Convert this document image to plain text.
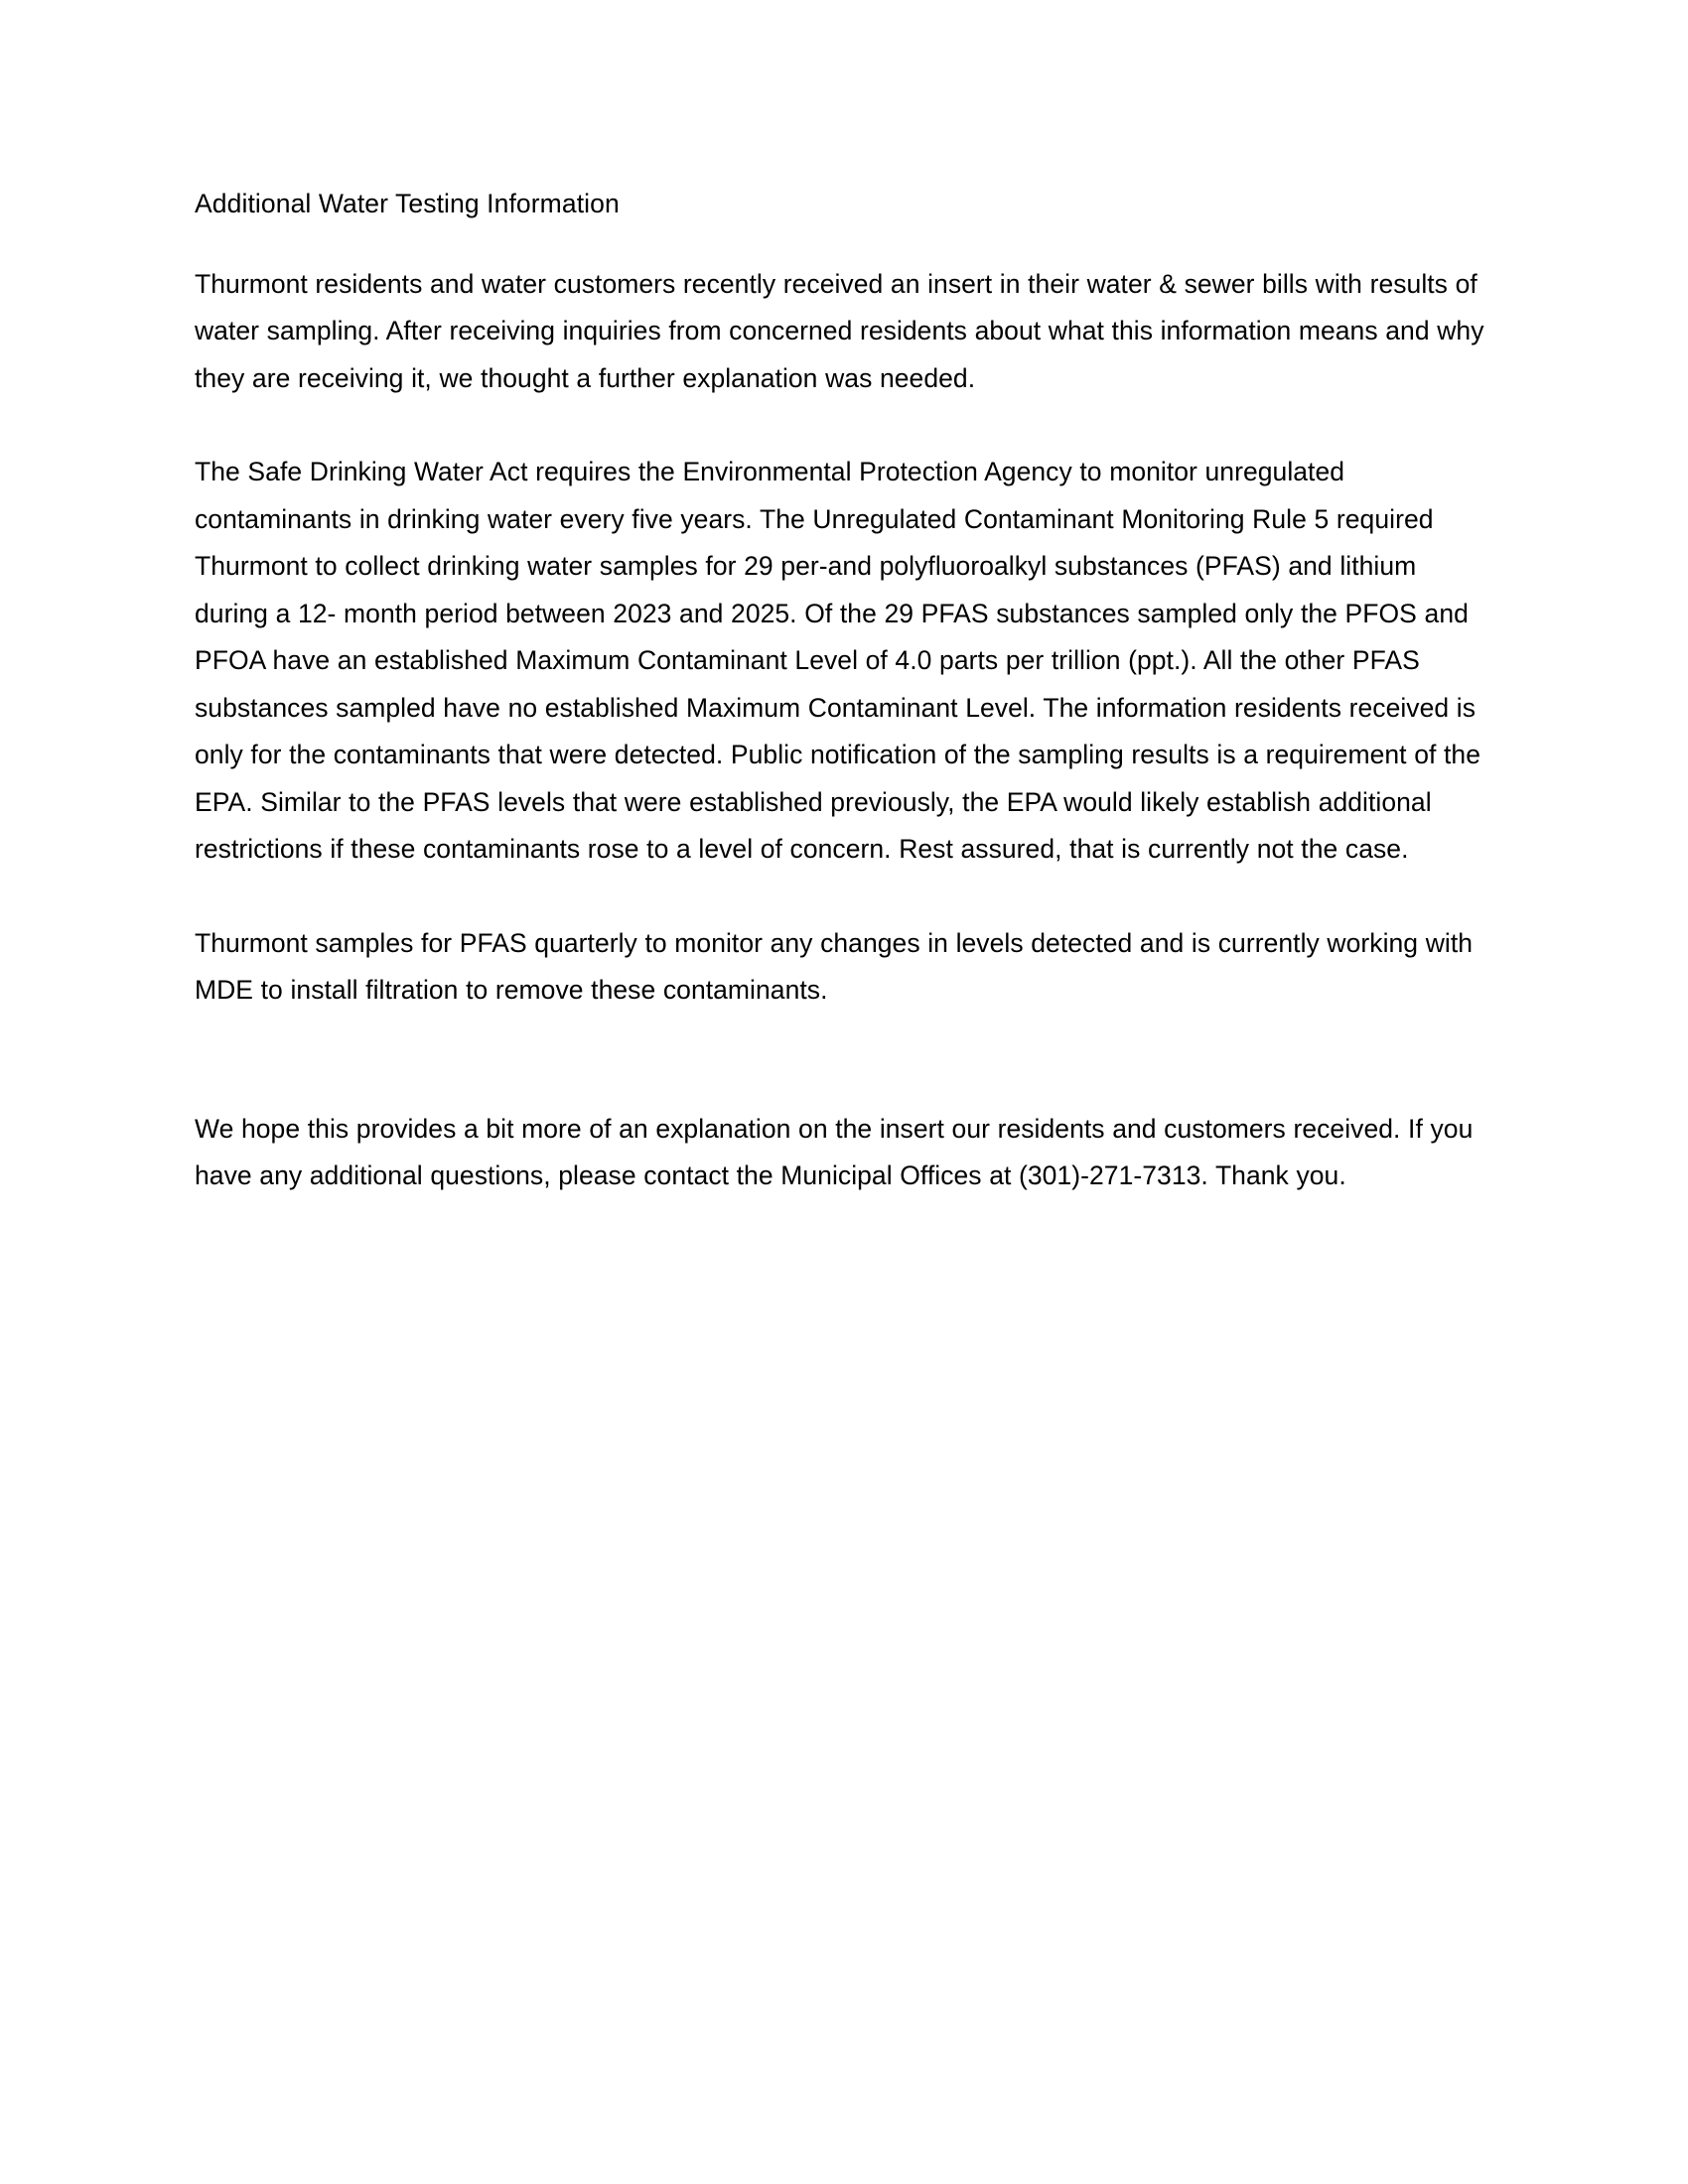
Additional Water Testing Information

Thurmont residents and water customers recently received an insert in their water & sewer bills with results of water sampling. After receiving inquiries from concerned residents about what this information means and why they are receiving it, we thought a further explanation was needed.

The Safe Drinking Water Act requires the Environmental Protection Agency to monitor unregulated contaminants in drinking water every five years. The Unregulated Contaminant Monitoring Rule 5 required Thurmont to collect drinking water samples for 29 per-and polyfluoroalkyl substances (PFAS) and lithium during a 12- month period between 2023 and 2025. Of the 29 PFAS substances sampled only the PFOS and PFOA have an established Maximum Contaminant Level of 4.0 parts per trillion (ppt.). All the other PFAS substances sampled have no established Maximum Contaminant Level. The information residents received is only for the contaminants that were detected. Public notification of the sampling results is a requirement of the EPA. Similar to the PFAS levels that were established previously, the EPA would likely establish additional restrictions if these contaminants rose to a level of concern. Rest assured, that is currently not the case.

Thurmont samples for PFAS quarterly to monitor any changes in levels detected and is currently working with MDE to install filtration to remove these contaminants.

We hope this provides a bit more of an explanation on the insert our residents and customers received. If you have any additional questions, please contact the Municipal Offices at (301)-271-7313. Thank you.
